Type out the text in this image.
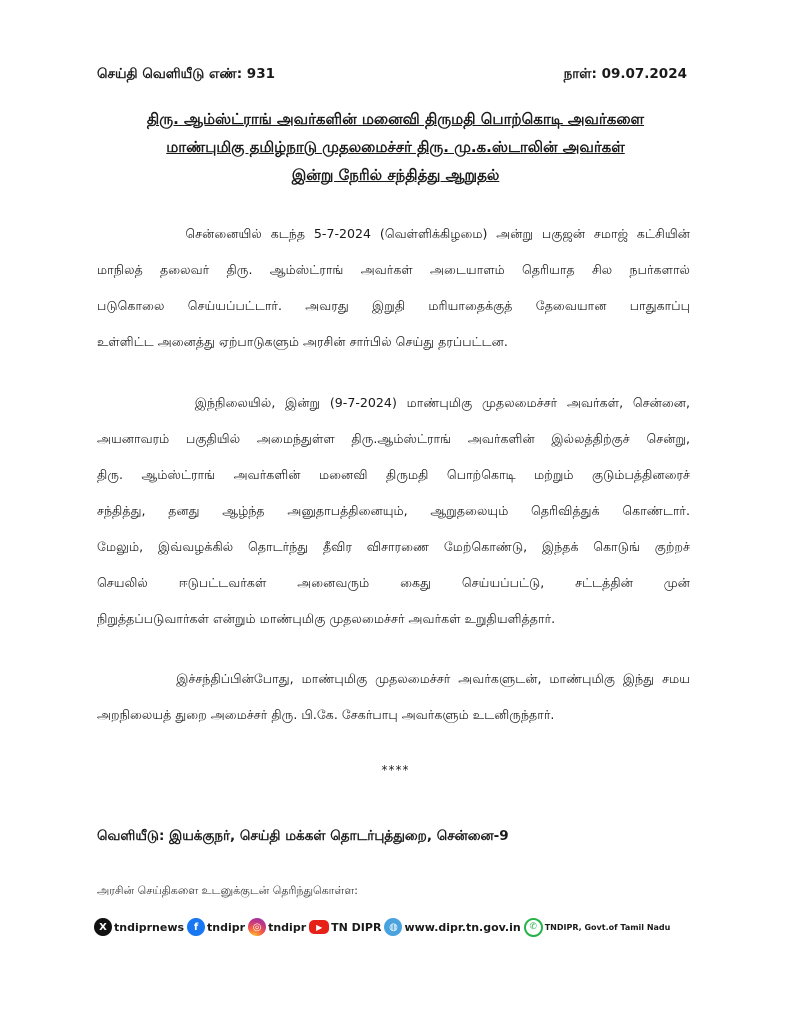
செய்தி வெளியீடு எண்: 931	நாள்: 09.07.2024
திரு. ஆம்ஸ்ட்ராங் அவர்களின் மனைவி திருமதி பொற்கொடி அவர்களை
மாண்புமிகு தமிழ்நாடு முதலமைச்சர் திரு. மு.க.ஸ்டாலின் அவர்கள்
இன்று நேரில் சந்தித்து ஆறுதல்
சென்னையில் கடந்த 5-7-2024 (வெள்ளிக்கிழமை) அன்று பகுஜன் சமாஜ் கட்சியின்
மாநிலத் தலைவர் திரு. ஆம்ஸ்ட்ராங் அவர்கள் அடையாளம் தெரியாத சில நபர்களால்
படுகொலை செய்யப்பட்டார். அவரது இறுதி மரியாதைக்குத் தேவையான பாதுகாப்பு
உள்ளிட்ட அனைத்து ஏற்பாடுகளும் அரசின் சார்பில் செய்து தரப்பட்டன.
இந்நிலையில், இன்று (9-7-2024) மாண்புமிகு முதலமைச்சர் அவர்கள், சென்னை,
அயனாவரம் பகுதியில் அமைந்துள்ள திரு.ஆம்ஸ்ட்ராங் அவர்களின் இல்லத்திற்குச் சென்று,
திரு. ஆம்ஸ்ட்ராங் அவர்களின் மனைவி திருமதி பொற்கொடி மற்றும் குடும்பத்தினரைச்
சந்தித்து, தனது ஆழ்ந்த அனுதாபத்தினையும், ஆறுதலையும் தெரிவித்துக் கொண்டார்.
மேலும், இவ்வழக்கில் தொடர்ந்து தீவிர விசாரணை மேற்கொண்டு, இந்தக் கொடுங் குற்றச்
செயலில் ஈடுபட்டவர்கள் அனைவரும் கைது செய்யப்பட்டு, சட்டத்தின் முன்
நிறுத்தப்படுவார்கள் என்றும் மாண்புமிகு முதலமைச்சர் அவர்கள் உறுதியளித்தார்.
இச்சந்திப்பின்போது, மாண்புமிகு முதலமைச்சர் அவர்களுடன், மாண்புமிகு இந்து சமய
அறநிலையத் துறை அமைச்சர் திரு. பி.கே. சேகர்பாபு அவர்களும் உடனிருந்தார்.
****
வெளியீடு: இயக்குநர், செய்தி மக்கள் தொடர்புத்துறை, சென்னை-9
அரசின் செய்திகளை உடனுக்குடன் தெரிந்துகொள்ள:
X tndiprnews f tndipr ◎ tndipr	▶ TN DIPR ◍ www.dipr.tn.gov.in ✆ TNDIPR, Govt.of Tamil Nadu
